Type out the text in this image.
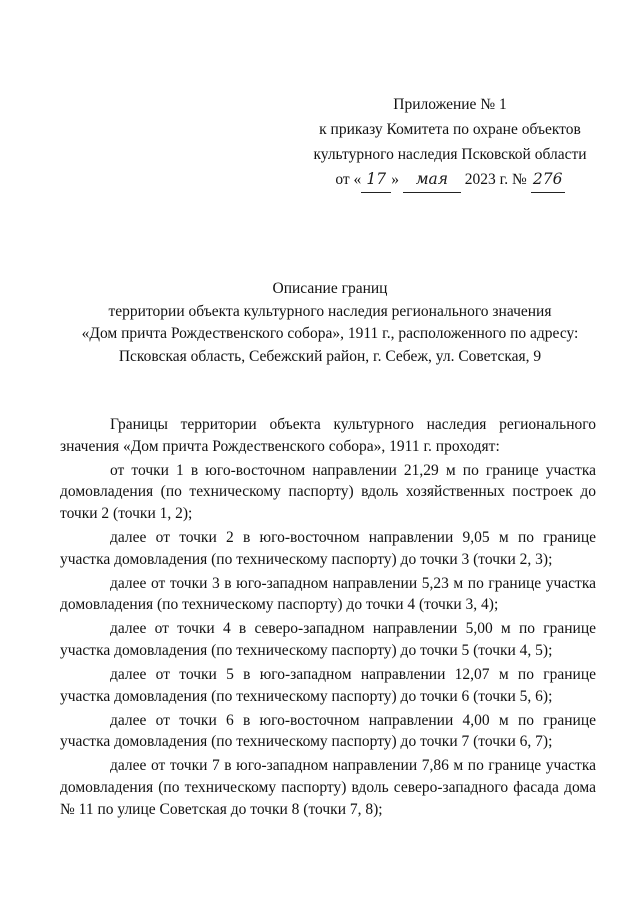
Приложение № 1
к приказу Комитета по охране объектов
культурного наследия Псковской области
от « 17 » мая 2023 г. № 276
Описание границ
территории объекта культурного наследия регионального значения
«Дом причта Рождественского собора», 1911 г., расположенного по адресу:
Псковская область, Себежский район, г. Себеж, ул. Советская, 9

Границы территории объекта культурного наследия регионального значения «Дом причта Рождественского собора», 1911 г. проходят:

от точки 1 в юго-восточном направлении 21,29 м по границе участка домовладения (по техническому паспорту) вдоль хозяйственных построек до точки 2 (точки 1, 2);

далее от точки 2 в юго-восточном направлении 9,05 м по границе участка домовладения (по техническому паспорту) до точки 3 (точки 2, 3);

далее от точки 3 в юго-западном направлении 5,23 м по границе участка домовладения (по техническому паспорту) до точки 4 (точки 3, 4);

далее от точки 4 в северо-западном направлении 5,00 м по границе участка домовладения (по техническому паспорту) до точки 5 (точки 4, 5);

далее от точки 5 в юго-западном направлении 12,07 м по границе участка домовладения (по техническому паспорту) до точки 6 (точки 5, 6);

далее от точки 6 в юго-восточном направлении 4,00 м по границе участка домовладения (по техническому паспорту) до точки 7 (точки 6, 7);

далее от точки 7 в юго-западном направлении 7,86 м по границе участка домовладения (по техническому паспорту) вдоль северо-западного фасада дома № 11 по улице Советская до точки 8 (точки 7, 8);
